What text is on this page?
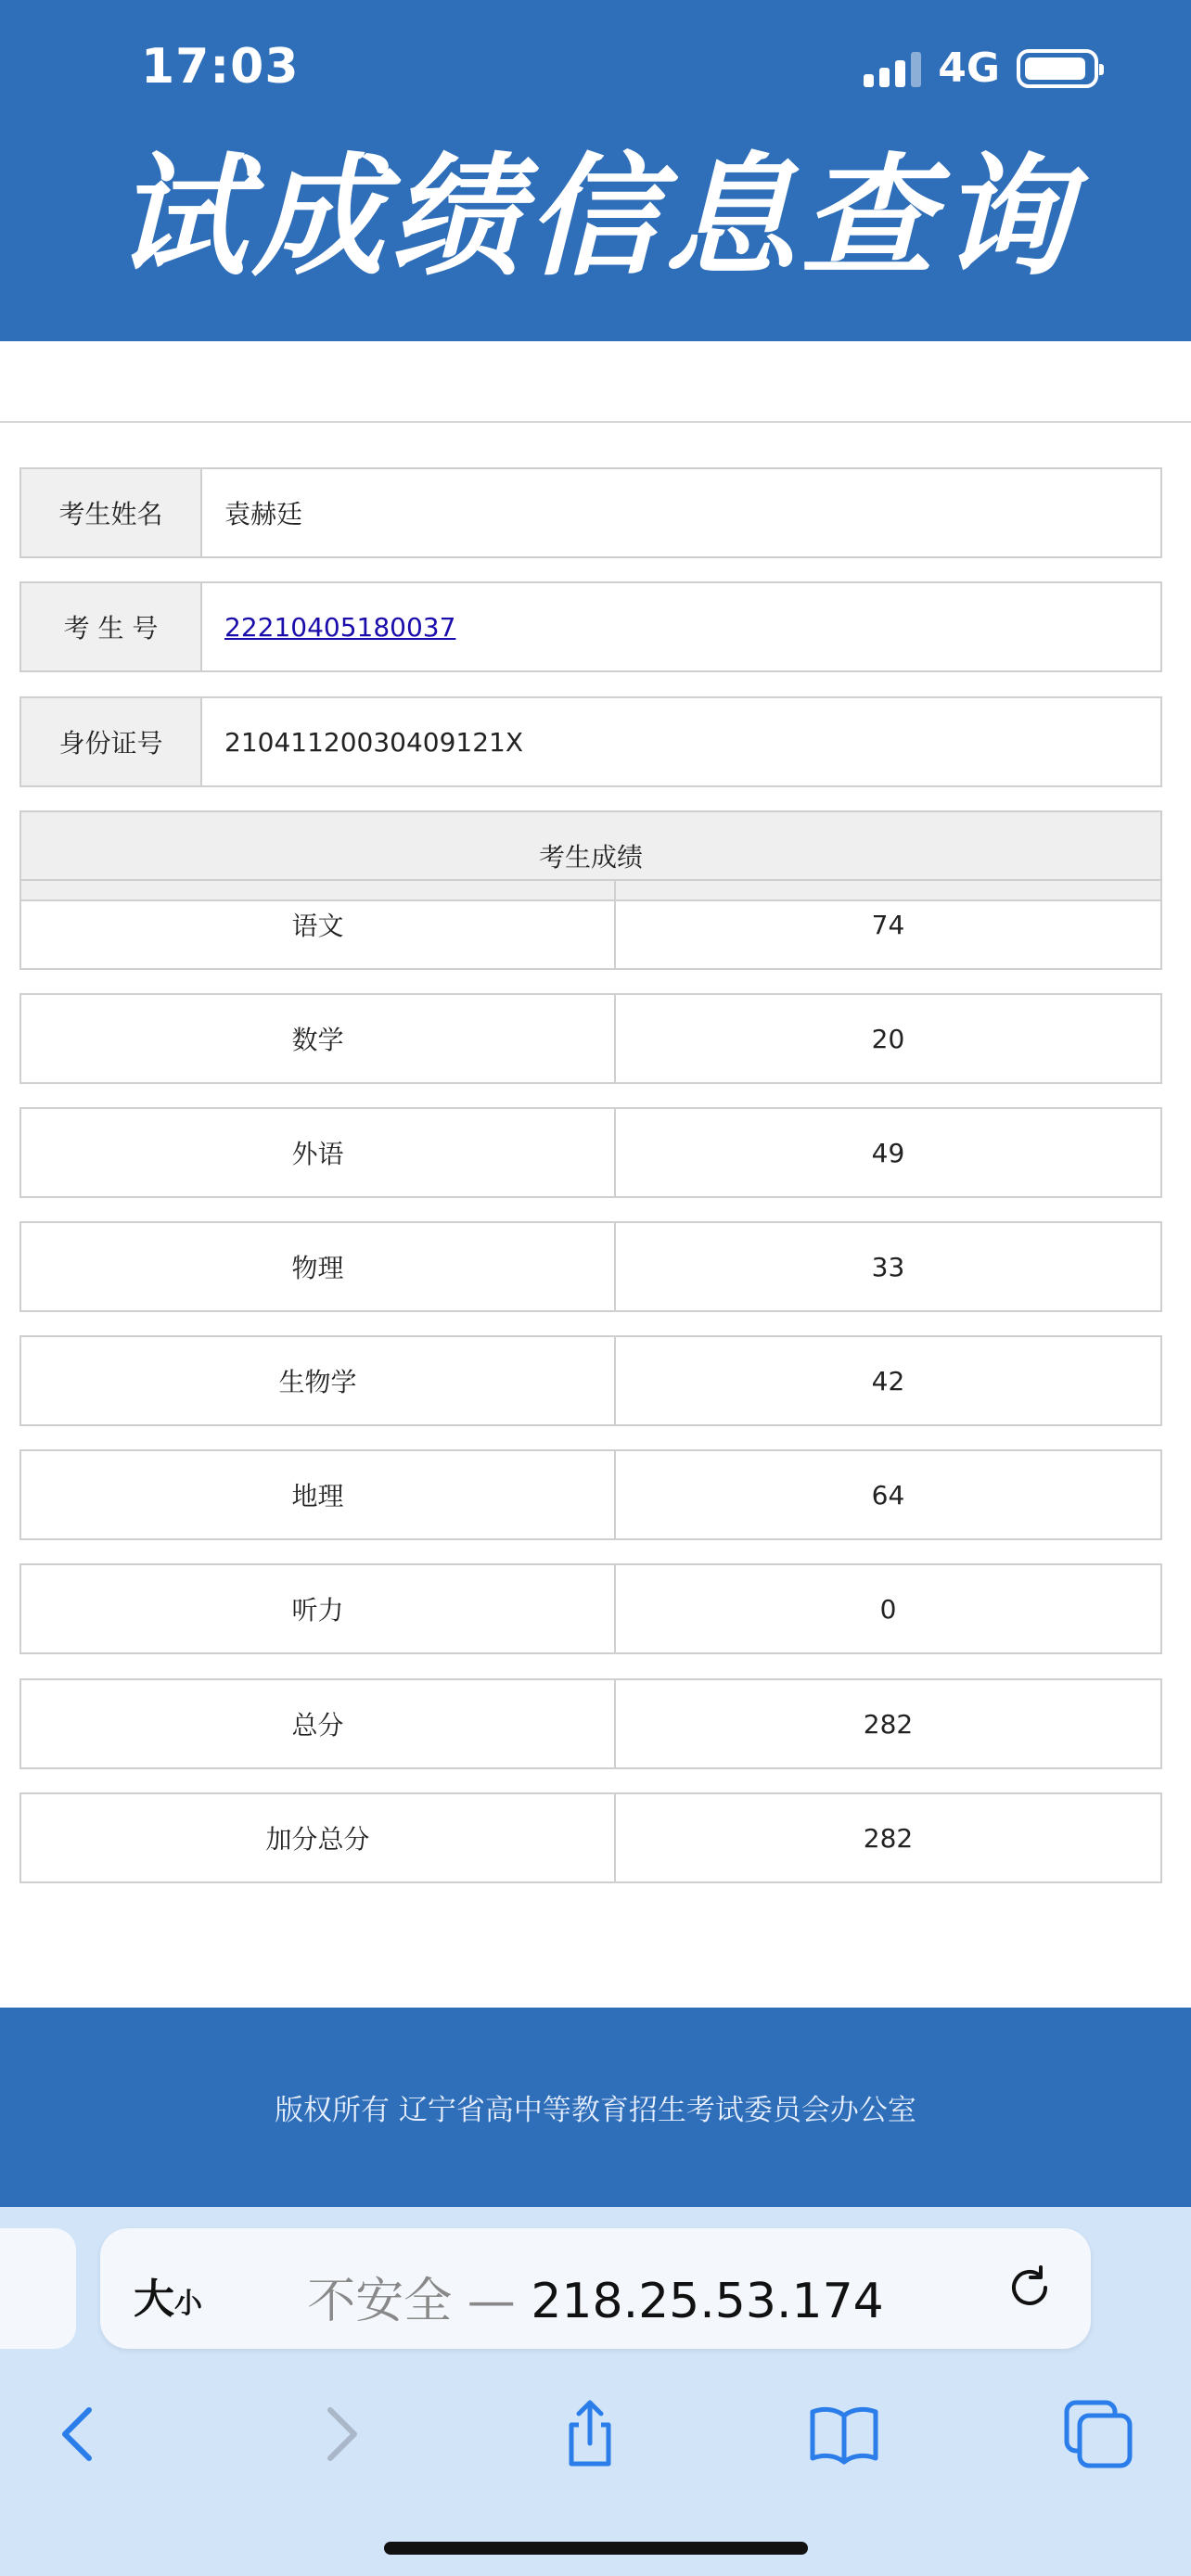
17:03	4G
试成绩信息查询
考生姓名	袁赫廷
考 生 号	22210405180037
身份证号	2104112003040912​1X
考生成绩
语文	74
数学	20
外语	49
物理	33
生物学	42
地理	64
听力	0
总分	282
加分总分	282
版权所有 辽宁省高中等教育招生考试委员会办公室
大小	不安全 — 218.25.53.174
